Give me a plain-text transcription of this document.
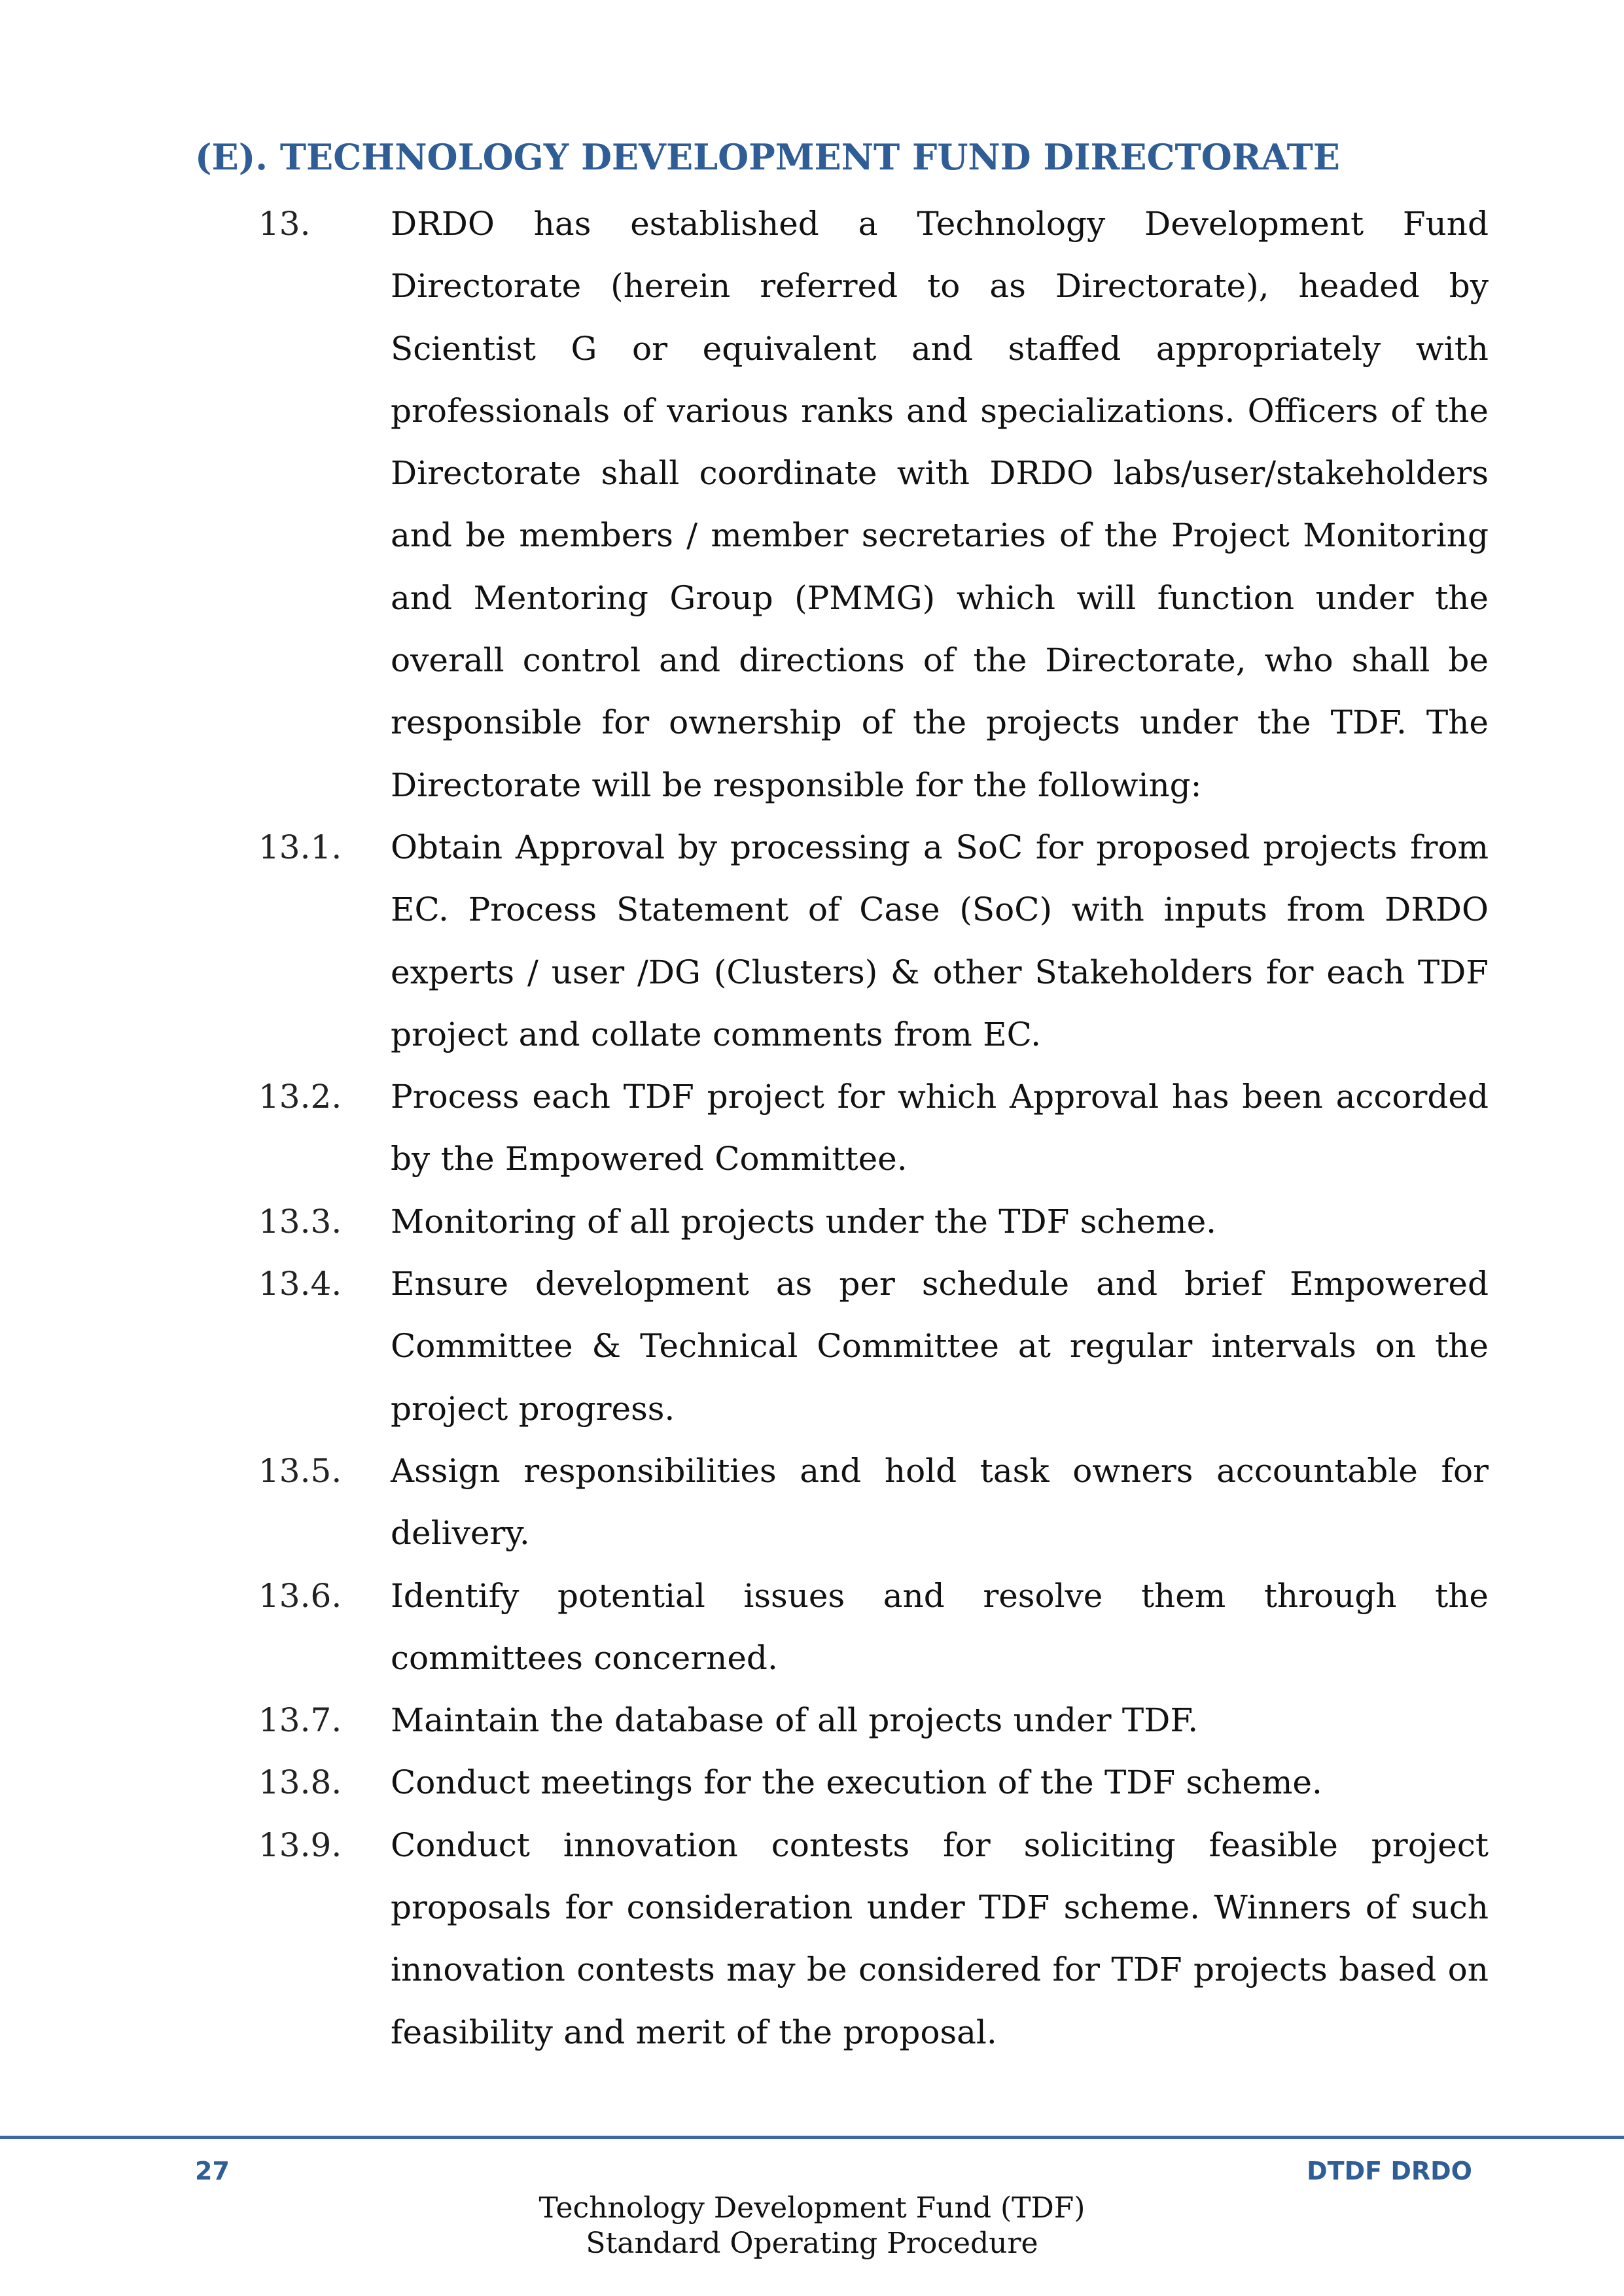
(E). TECHNOLOGY DEVELOPMENT FUND DIRECTORATE
13. DRDO has established a Technology Development Fund Directorate (herein referred to as Directorate), headed by Scientist G or equivalent and staffed appropriately with professionals of various ranks and specializations. Officers of the Directorate shall coordinate with DRDO labs/user/stakeholders and be members / member secretaries of the Project Monitoring and Mentoring Group (PMMG) which will function under the overall control and directions of the Directorate, who shall be responsible for ownership of the projects under the TDF. The Directorate will be responsible for the following:
13.1. Obtain Approval by processing a SoC for proposed projects from EC. Process Statement of Case (SoC) with inputs from DRDO experts / user /DG (Clusters) & other Stakeholders for each TDF project and collate comments from EC.
13.2. Process each TDF project for which Approval has been accorded by the Empowered Committee.
13.3. Monitoring of all projects under the TDF scheme.
13.4. Ensure development as per schedule and brief Empowered Committee & Technical Committee at regular intervals on the project progress.
13.5. Assign responsibilities and hold task owners accountable for delivery.
13.6. Identify potential issues and resolve them through the committees concerned.
13.7. Maintain the database of all projects under TDF.
13.8. Conduct meetings for the execution of the TDF scheme.
13.9. Conduct innovation contests for soliciting feasible project proposals for consideration under TDF scheme. Winners of such innovation contests may be considered for TDF projects based on feasibility and merit of the proposal.
27	DTDF DRDO
Technology Development Fund (TDF)
Standard Operating Procedure
